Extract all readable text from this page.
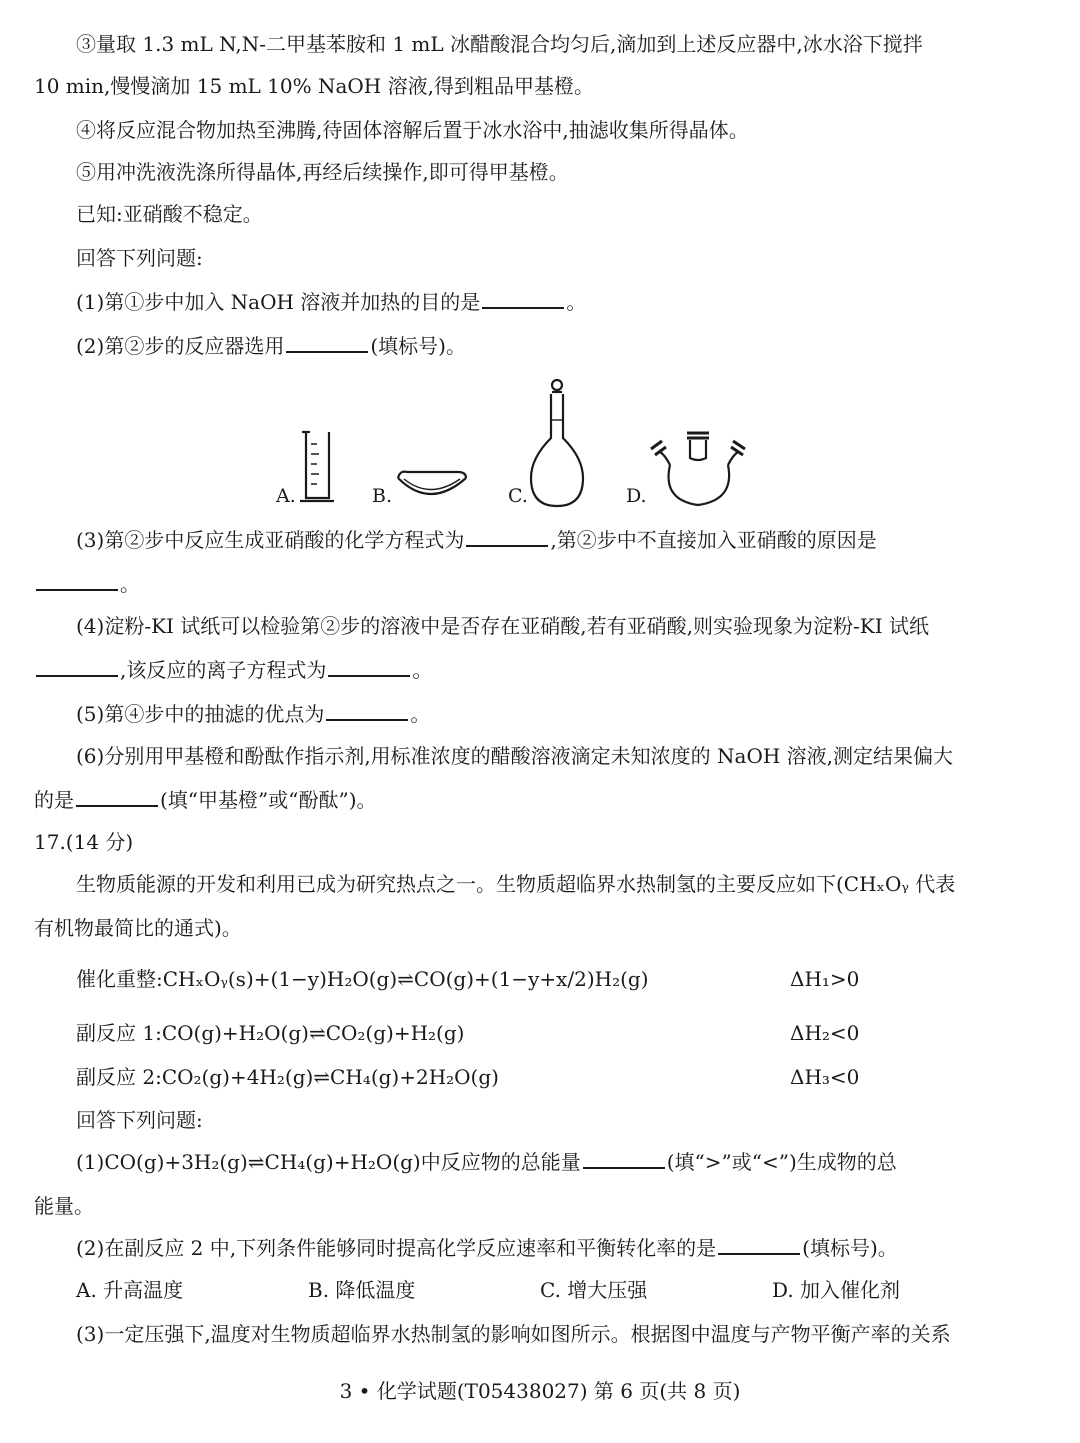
③量取 1.3 mL N,N-二甲基苯胺和 1 mL 冰醋酸混合均匀后,滴加到上述反应器中,冰水浴下搅拌
10 min,慢慢滴加 15 mL 10% NaOH 溶液,得到粗品甲基橙。
④将反应混合物加热至沸腾,待固体溶解后置于冰水浴中,抽滤收集所得晶体。
⑤用冲洗液洗涤所得晶体,再经后续操作,即可得甲基橙。
已知:亚硝酸不稳定。
回答下列问题:
(1)第①步中加入 NaOH 溶液并加热的目的是	。
(2)第②步的反应器选用	(填标号)。
A.	B.	C.	D.
(3)第②步中反应生成亚硝酸的化学方程式为	,第②步中不直接加入亚硝酸的原因是
。
(4)淀粉-KI 试纸可以检验第②步的溶液中是否存在亚硝酸,若有亚硝酸,则实验现象为淀粉-KI 试纸
,该反应的离子方程式为	。
(5)第④步中的抽滤的优点为	。
(6)分别用甲基橙和酚酞作指示剂,用标准浓度的醋酸溶液滴定未知浓度的 NaOH 溶液,测定结果偏大
的是	(填“甲基橙”或“酚酞”)。
17.(14 分)
生物质能源的开发和利用已成为研究热点之一。生物质超临界水热制氢的主要反应如下(CHₓOᵧ 代表
有机物最简比的通式)。
催化重整:CHₓOᵧ(s)+(1−y)H₂O(g)⇌CO(g)+(1−y+x/2)H₂(g)	ΔH₁>0
副反应 1:CO(g)+H₂O(g)⇌CO₂(g)+H₂(g)	ΔH₂<0
副反应 2:CO₂(g)+4H₂(g)⇌CH₄(g)+2H₂O(g)	ΔH₃<0
回答下列问题:
(1)CO(g)+3H₂(g)⇌CH₄(g)+H₂O(g)中反应物的总能量	(填“>”或“<”)生成物的总
能量。
(2)在副反应 2 中,下列条件能够同时提高化学反应速率和平衡转化率的是	(填标号)。
A. 升高温度	B. 降低温度	C. 增大压强	D. 加入催化剂
(3)一定压强下,温度对生物质超临界水热制氢的影响如图所示。根据图中温度与产物平衡产率的关系
3 • 化学试题(T05438027) 第 6 页(共 8 页)
